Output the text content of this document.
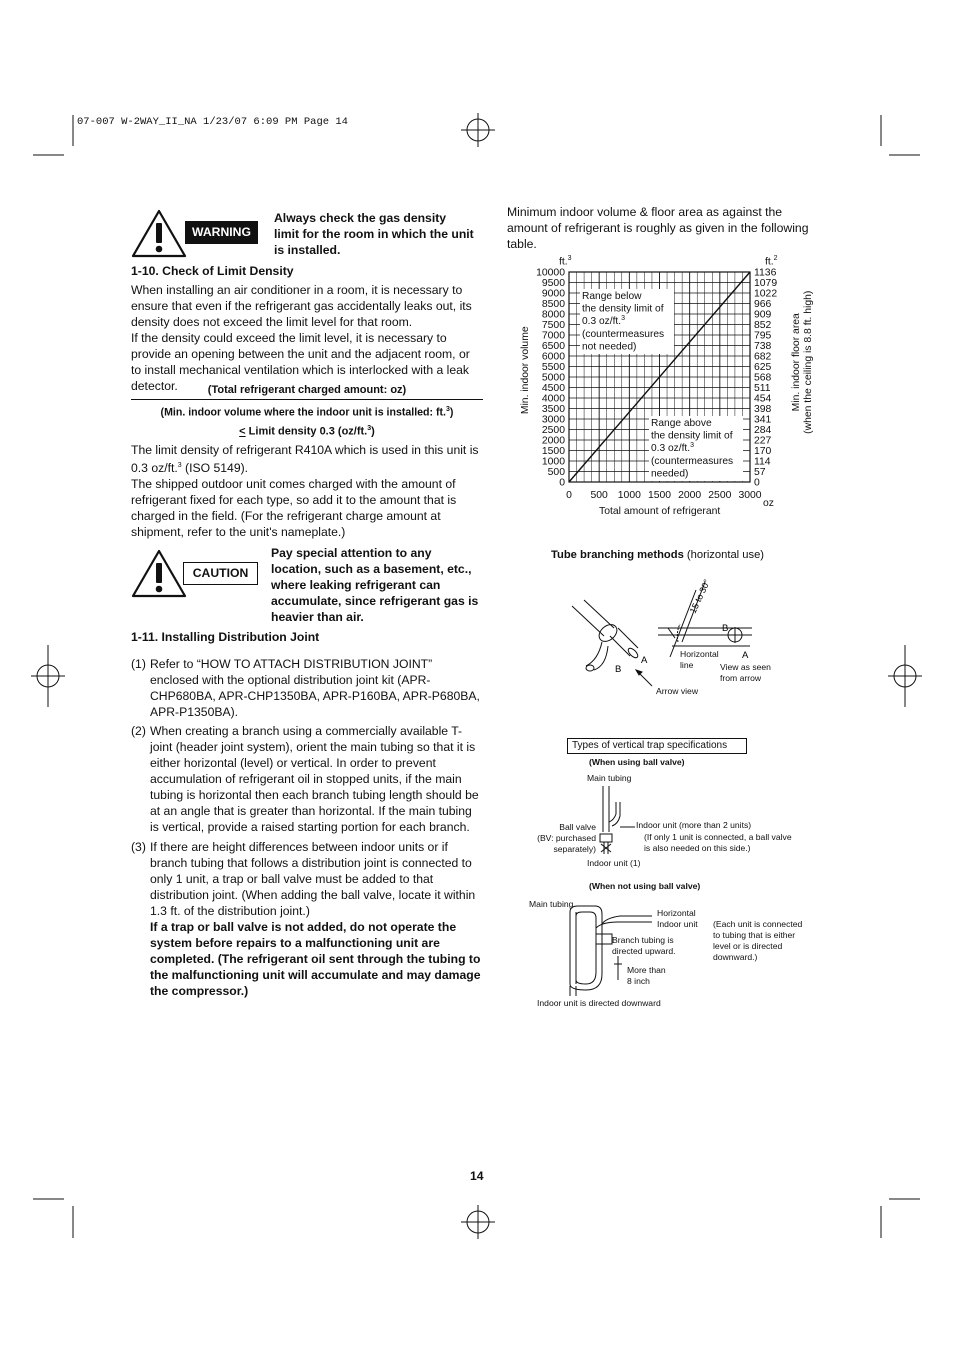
07-007 W-2WAY_II_NA 1/23/07 6:09 PM Page 14
WARNING
Always check the gas density limit for the room in which the unit is installed.
1-10. Check of Limit Density
When installing an air conditioner in a room, it is necessary to ensure that even if the refrigerant gas accidentally leaks out, its density does not exceed the limit level for that room.
If the density could exceed the limit level, it is necessary to provide an opening between the unit and the adjacent room, or to install mechanical ventilation which is interlocked with a leak detector.	(Total refrigerant charged amount: oz)
(Min. indoor volume where the indoor unit is installed: ft.$^3$)
< Limit density 0.3 (oz/ft.$^3$)
The limit density of refrigerant R410A which is used in this unit is 0.3 oz/ft.$^3$ (ISO 5149).
The shipped outdoor unit comes charged with the amount of refrigerant fixed for each type, so add it to the amount that is charged in the field. (For the refrigerant charge amount at shipment, refer to the unit's nameplate.)
CAUTION
Pay special attention to any location, such as a basement, etc., where leaking refrigerant can accumulate, since refrigerant gas is heavier than air.
1-11. Installing Distribution Joint
(1) Refer to “HOW TO ATTACH DISTRIBUTION JOINT” enclosed with the optional distribution joint kit (APR-CHP680BA, APR-CHP1350BA, APR-P160BA, APR-P680BA, APR-P1350BA).
(2) When creating a branch using a commercially available T-joint (header joint system), orient the main tubing so that it is either horizontal (level) or vertical. In order to prevent accumulation of refrigerant oil in stopped units, if the main tubing is horizontal then each branch tubing length should be at an angle that is greater than horizontal. If the main tubing is vertical, provide a raised starting portion for each branch.
(3) If there are height differences between indoor units or if branch tubing that follows a distribution joint is connected to only 1 unit, a trap or ball valve must be added to that distribution joint. (When adding the ball valve, locate it within 1.3 ft. of the distribution joint.)
If a trap or ball valve is not added, do not operate the system before repairs to a malfunctioning unit are completed. (The refrigerant oil sent through the tubing to the malfunctioning unit will accumulate and may damage the compressor.)
Minimum indoor volume & floor area as against the amount of refrigerant is roughly as given in the following table.
ft.$^3$	ft.$^2$
10000	1136
9500	1079
9000	1022
8500	966
8000	909
7500	852
7000	795
6500	738
6000	682
5500	625
5000	568
4500	511
4000	454
3500	398
3000	341
2500	284
2000	227
1500	170
1000	114
500	57
0	0
0 500 1000 1500 2000 2500 3000
Range below
the density limit of
0.3 oz/ft.$^3$
(countermeasures
not needed)
Range above
the density limit of
0.3 oz/ft.$^3$
(countermeasures
needed)
Min. indoor volume	Min. indoor floor area (when the ceiling is 8.8 ft. high)
Total amount of refrigerant
oz
Tube branching methods (horizontal use)
15 to 30°
A
B
B
A
Horizontal
line	View as seen
from arrow
Arrow view
Types of vertical trap specifications
(When using ball valve)
Main tubing
Indoor unit (more than 2 units)
(If only 1 unit is connected, a ball valve
is also needed on this side.)
Ball valve
(BV: purchased
separately)
Indoor unit (1)
(When not using ball valve)
Main tubing
Horizontal
Indoor unit
Branch tubing is
directed upward.
(Each unit is connected
to tubing that is either
level or is directed
downward.)
More than
8 inch
Indoor unit is directed downward
14
